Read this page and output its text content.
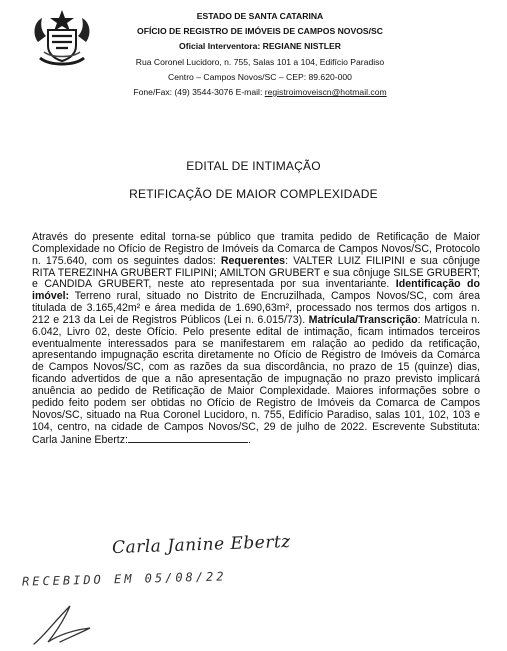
ESTADO DE SANTA CATARINA
OFÍCIO DE REGISTRO DE IMÓVEIS DE CAMPOS NOVOS/SC
Oficial Interventora: REGIANE NISTLER
Rua Coronel Lucidoro, n. 755, Salas 101 a 104, Edifício Paradiso
Centro – Campos Novos/SC – CEP: 89.620-000
Fone/Fax: (49) 3544-3076 E-mail: registroimoveiscn@hotmail.com
EDITAL DE INTIMAÇÃO
RETIFICAÇÃO DE MAIOR COMPLEXIDADE
Através do presente edital torna-se público que tramita pedido de Retificação de Maior Complexidade no Ofício de Registro de Imóveis da Comarca de Campos Novos/SC, Protocolo n. 175.640, com os seguintes dados: Requerentes: VALTER LUIZ FILIPINI e sua cônjuge RITA TEREZINHA GRUBERT FILIPINI; AMILTON GRUBERT e sua cônjuge SILSE GRUBERT; e CANDIDA GRUBERT, neste ato representada por sua inventariante. Identificação do imóvel: Terreno rural, situado no Distrito de Encruzilhada, Campos Novos/SC, com área titulada de 3.165,42m² e área medida de 1.690,63m², processado nos termos dos artigos n. 212 e 213 da Lei de Registros Públicos (Lei n. 6.015/73). Matrícula/Transcrição: Matrícula n. 6.042, Livro 02, deste Ofício. Pelo presente edital de intimação, ficam intimados terceiros eventualmente interessados para se manifestarem em ralação ao pedido da retificação, apresentando impugnação escrita diretamente no Ofício de Registro de Imóveis da Comarca de Campos Novos/SC, com as razões da sua discordância, no prazo de 15 (quinze) dias, ficando advertidos de que a não apresentação de impugnação no prazo previsto implicará anuência ao pedido de Retificação de Maior Complexidade. Maiores informações sobre o pedido feito podem ser obtidas no Ofício de Registro de Imóveis da Comarca de Campos Novos/SC, situado na Rua Coronel Lucidoro, n. 755, Edifício Paradiso, salas 101, 102, 103 e 104, centro, na cidade de Campos Novos/SC, 29 de julho de 2022. Escrevente Substituta: Carla Janine Ebertz:	.
Carla Janine Ebertz
RECEBIDO EM 05/08/22
